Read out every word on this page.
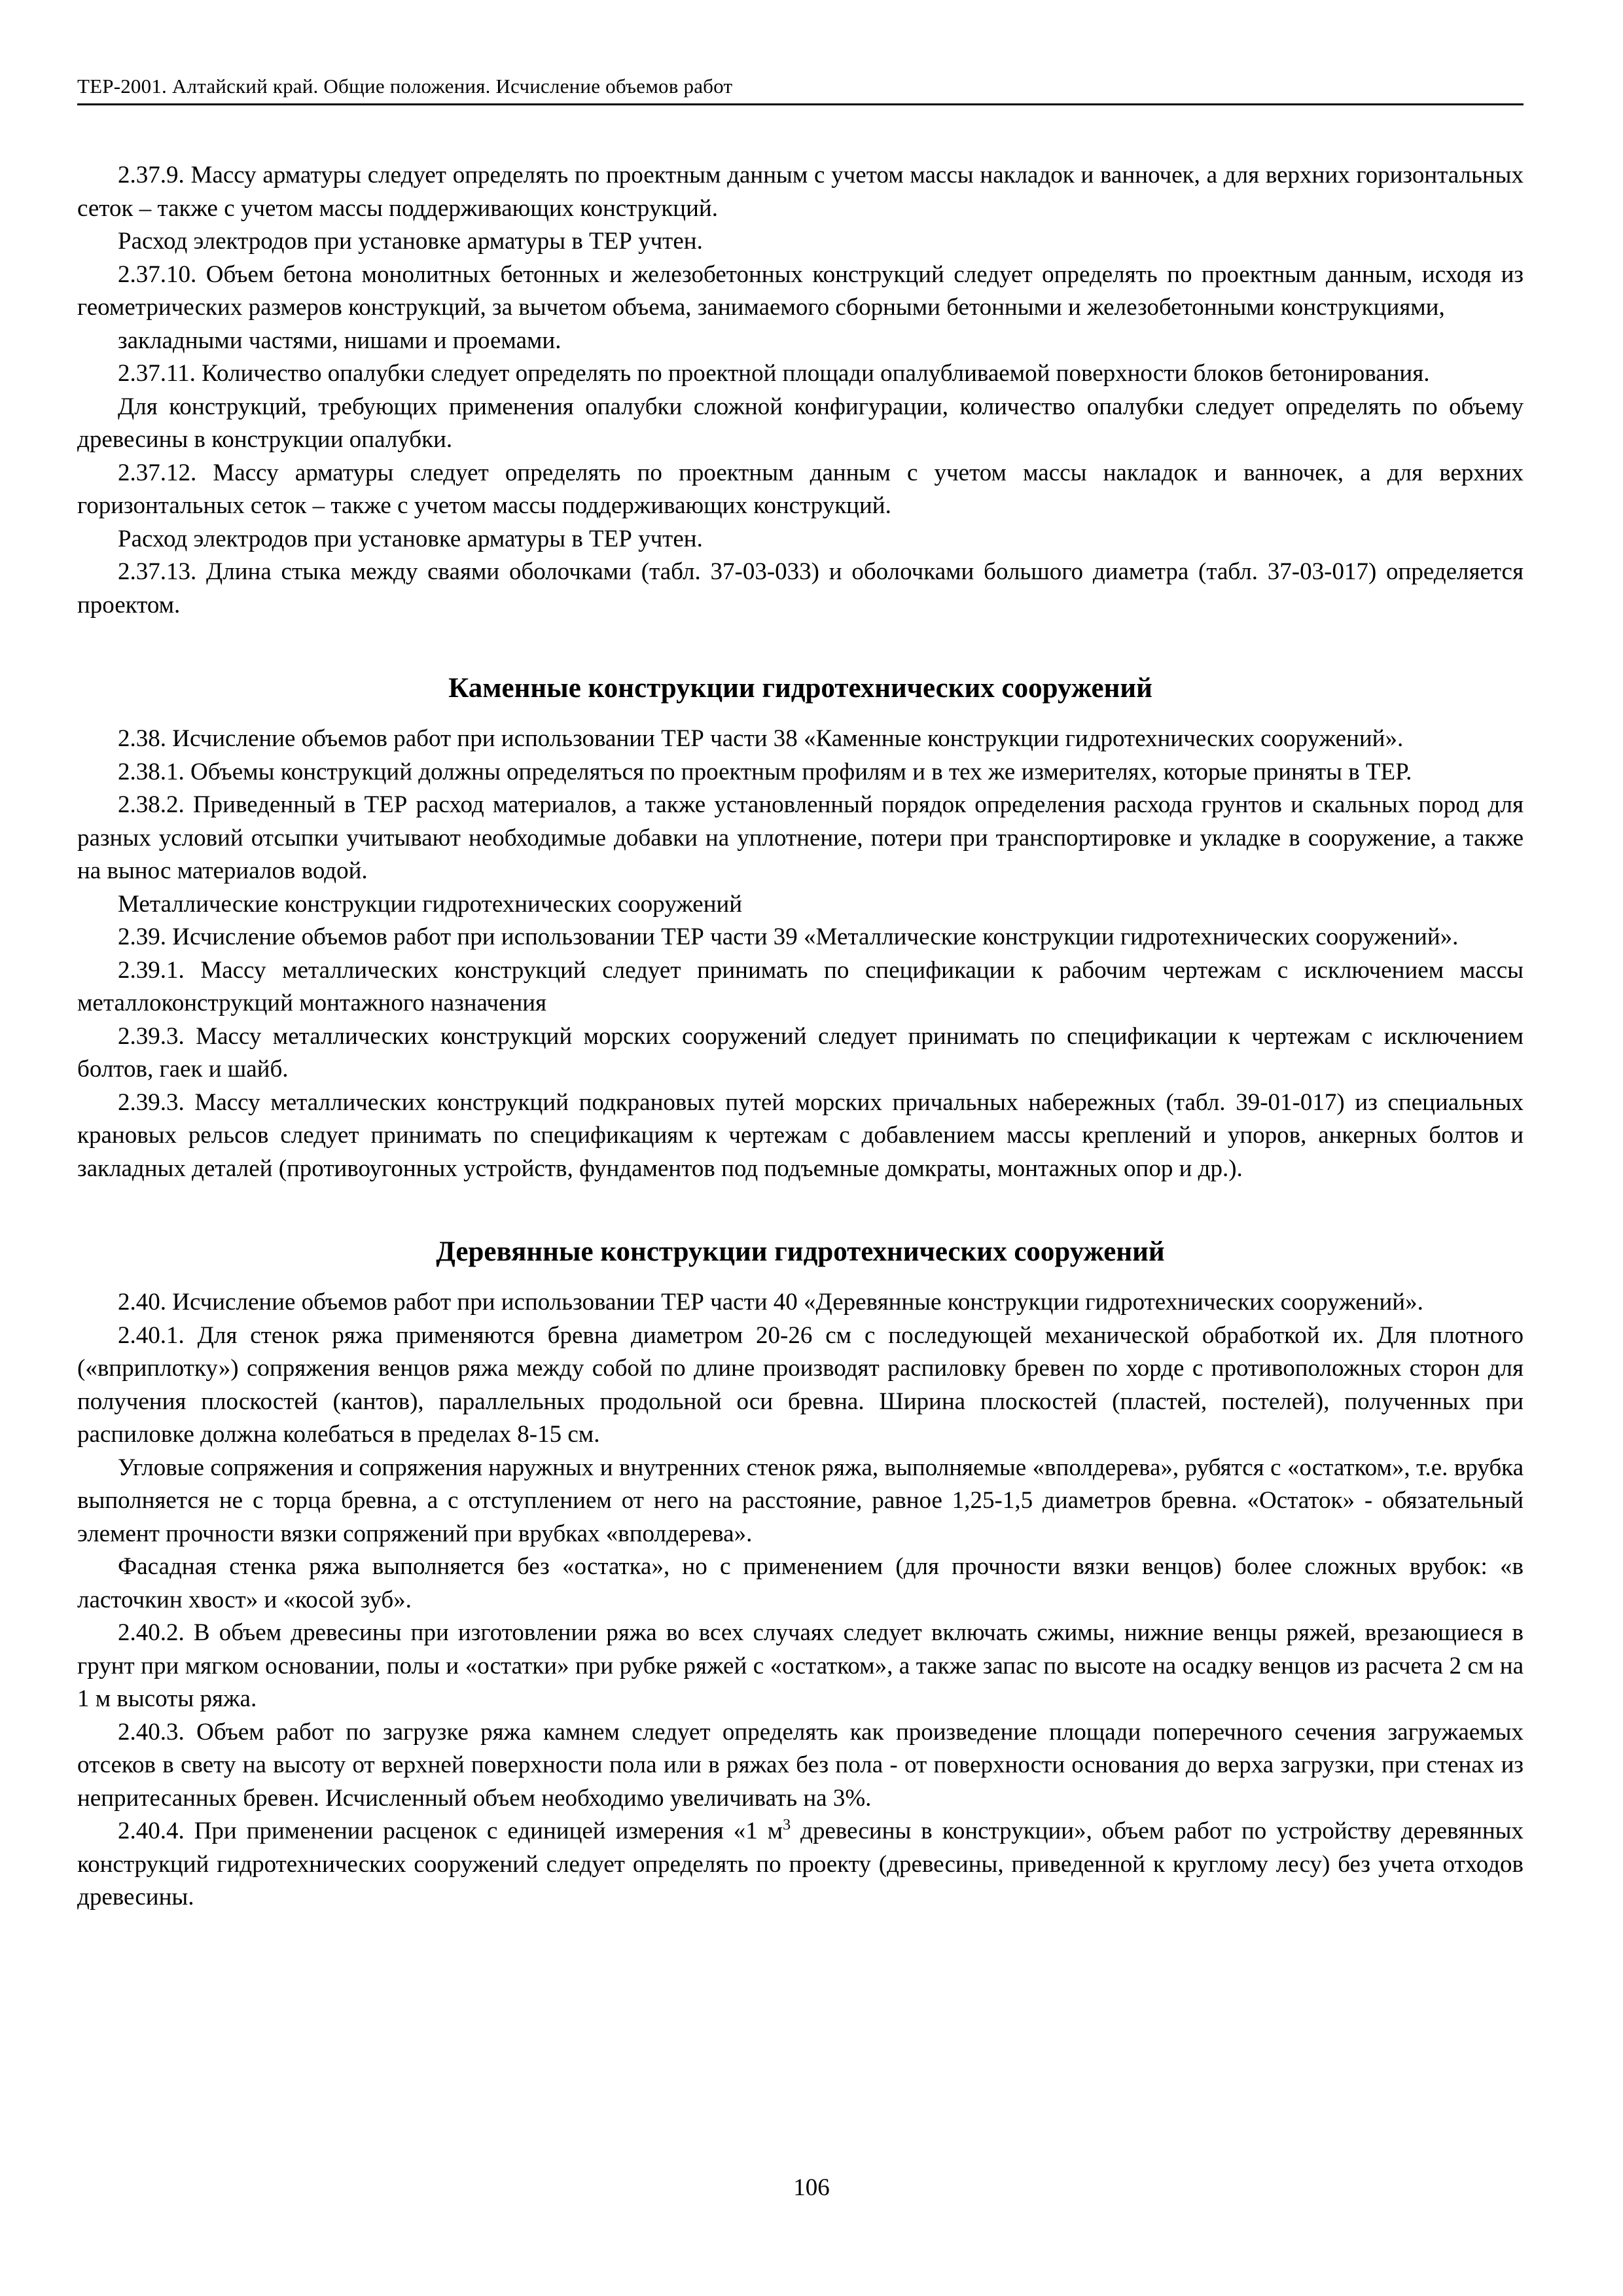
ТЕР-2001. Алтайский край. Общие положения. Исчисление объемов работ

2.37.9. Массу арматуры следует определять по проектным данным с учетом массы накладок и ванночек, а для верхних горизонтальных сеток – также с учетом массы поддерживающих конструкций.

Расход электродов при установке арматуры в ТЕР учтен.

2.37.10. Объем бетона монолитных бетонных и железобетонных конструкций следует определять по проектным данным, исходя из геометрических размеров конструкций, за вычетом объема, занимаемого сборными бетонными и железобетонными конструкциями,

закладными частями, нишами и проемами.

2.37.11. Количество опалубки следует определять по проектной площади опалубливаемой поверхности блоков бетонирования.

Для конструкций, требующих применения опалубки сложной конфигурации, количество опалубки следует определять по объему древесины в конструкции опалубки.

2.37.12. Массу арматуры следует определять по проектным данным с учетом массы накладок и ванночек, а для верхних горизонтальных сеток – также с учетом массы поддерживающих конструкций.

Расход электродов при установке арматуры в ТЕР учтен.

2.37.13. Длина стыка между сваями оболочками (табл. 37-03-033) и оболочками большого диаметра (табл. 37-03-017) определяется проектом.

Каменные конструкции гидротехнических сооружений

2.38. Исчисление объемов работ при использовании ТЕР части 38 «Каменные конструкции гидротехнических сооружений».

2.38.1. Объемы конструкций должны определяться по проектным профилям и в тех же измерителях, которые приняты в ТЕР.

2.38.2. Приведенный в ТЕР расход материалов, а также установленный порядок определения расхода грунтов и скальных пород для разных условий отсыпки учитывают необходимые добавки на уплотнение, потери при транспортировке и укладке в сооружение, а также на вынос материалов водой.

Металлические конструкции гидротехнических сооружений

2.39. Исчисление объемов работ при использовании ТЕР части 39 «Металлические конструкции гидротехнических сооружений».

2.39.1. Массу металлических конструкций следует принимать по спецификации к рабочим чертежам с исключением массы металлоконструкций монтажного назначения

2.39.3. Массу металлических конструкций морских сооружений следует принимать по спецификации к чертежам с исключением болтов, гаек и шайб.

2.39.3. Массу металлических конструкций подкрановых путей морских причальных набережных (табл. 39-01-017) из специальных крановых рельсов следует принимать по спецификациям к чертежам с добавлением массы креплений и упоров, анкерных болтов и закладных деталей (противоугонных устройств, фундаментов под подъемные домкраты, монтажных опор и др.).

Деревянные конструкции гидротехнических сооружений

2.40. Исчисление объемов работ при использовании ТЕР части 40 «Деревянные конструкции гидротехнических сооружений».

2.40.1. Для стенок ряжа применяются бревна диаметром 20-26 см с последующей механической обработкой их. Для плотного («вприплотку») сопряжения венцов ряжа между собой по длине производят распиловку бревен по хорде с противоположных сторон для получения плоскостей (кантов), параллельных продольной оси бревна. Ширина плоскостей (пластей, постелей), полученных при распиловке должна колебаться в пределах 8-15 см.

Угловые сопряжения и сопряжения наружных и внутренних стенок ряжа, выполняемые «вполдерева», рубятся с «остатком», т.е. врубка выполняется не с торца бревна, а с отступлением от него на расстояние, равное 1,25-1,5 диаметров бревна. «Остаток» - обязательный элемент прочности вязки сопряжений при врубках «вполдерева».

Фасадная стенка ряжа выполняется без «остатка», но с применением (для прочности вязки венцов) более сложных врубок: «в ласточкин хвост» и «косой зуб».

2.40.2. В объем древесины при изготовлении ряжа во всех случаях следует включать сжимы, нижние венцы ряжей, врезающиеся в грунт при мягком основании, полы и «остатки» при рубке ряжей с «остатком», а также запас по высоте на осадку венцов из расчета 2 см на 1 м высоты ряжа.

2.40.3. Объем работ по загрузке ряжа камнем следует определять как произведение площади поперечного сечения загружаемых отсеков в свету на высоту от верхней поверхности пола или в ряжах без пола - от поверхности основания до верха загрузки, при стенах из непритесанных бревен. Исчисленный объем необходимо увеличивать на 3%.

2.40.4. При применении расценок с единицей измерения «1 $м^3$ древесины в конструкции», объем работ по устройству деревянных конструкций гидротехнических сооружений следует определять по проекту (древесины, приведенной к круглому лесу) без учета отходов древесины.

106
